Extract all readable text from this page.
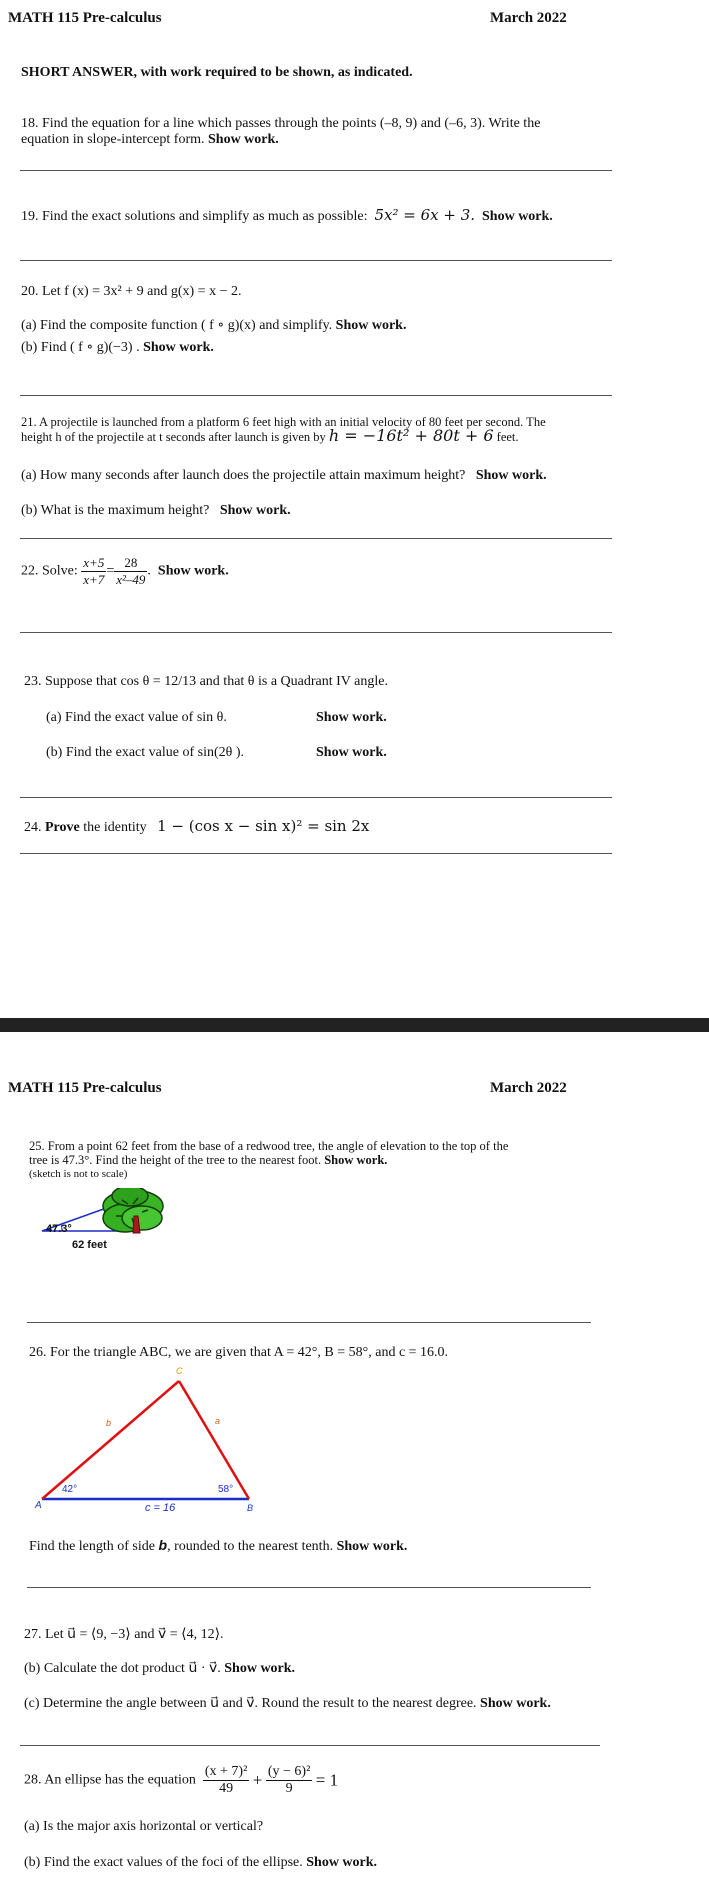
MATH 115 Pre-calculus	March 2022
SHORT ANSWER, with work required to be shown, as indicated.
18. Find the equation for a line which passes through the points (–8, 9) and (–6, 3). Write the
equation in slope-intercept form. Show work.
19. Find the exact solutions and simplify as much as possible: 5x² = 6x + 3. Show work.
20. Let f (x) = 3x² + 9 and g(x) = x − 2.
(a) Find the composite function ( f ∘ g)(x) and simplify. Show work.
(b) Find ( f ∘ g)(−3) . Show work.
21. A projectile is launched from a platform 6 feet high with an initial velocity of 80 feet per second. The
height h of the projectile at t seconds after launch is given by h = −16t² + 80t + 6 feet.
(a) How many seconds after launch does the projectile attain maximum height? Show work.
(b) What is the maximum height? Show work.
22. Solve: $\frac{x+5}{x+7} = \frac{28}{\text{x²–49}}$ . Show work.
23. Suppose that cos θ = 12/13 and that θ is a Quadrant IV angle.
(a) Find the exact value of sin θ.	Show work.
(b) Find the exact value of sin(2θ ).	Show work.
24. Prove the identity 1 − (cos x − sin x)² = sin 2x
MATH 115 Pre-calculus	March 2022
25. From a point 62 feet from the base of a redwood tree, the angle of elevation to the top of the
tree is 47.3°. Find the height of the tree to the nearest foot. Show work.
(sketch is not to scale)
47.3°
62 feet
26. For the triangle ABC, we are given that A = 42°, B = 58°, and c = 16.0.
C
A	B
b	a
c = 16
42°	58°
Find the length of side b, rounded to the nearest tenth. Show work.
27. Let u⃗ = ⟨9, −3⟩ and v⃗ = ⟨4, 12⟩.
(b) Calculate the dot product u⃗ · v⃗. Show work.
(c) Determine the angle between u⃗ and v⃗. Round the result to the nearest degree. Show work.
28. An ellipse has the equation $\frac{\text{(x + 7)²}}{49} + \frac{\text{(y − 6)²}}{9} = 1$
(a) Is the major axis horizontal or vertical?
(b) Find the exact values of the foci of the ellipse. Show work.
